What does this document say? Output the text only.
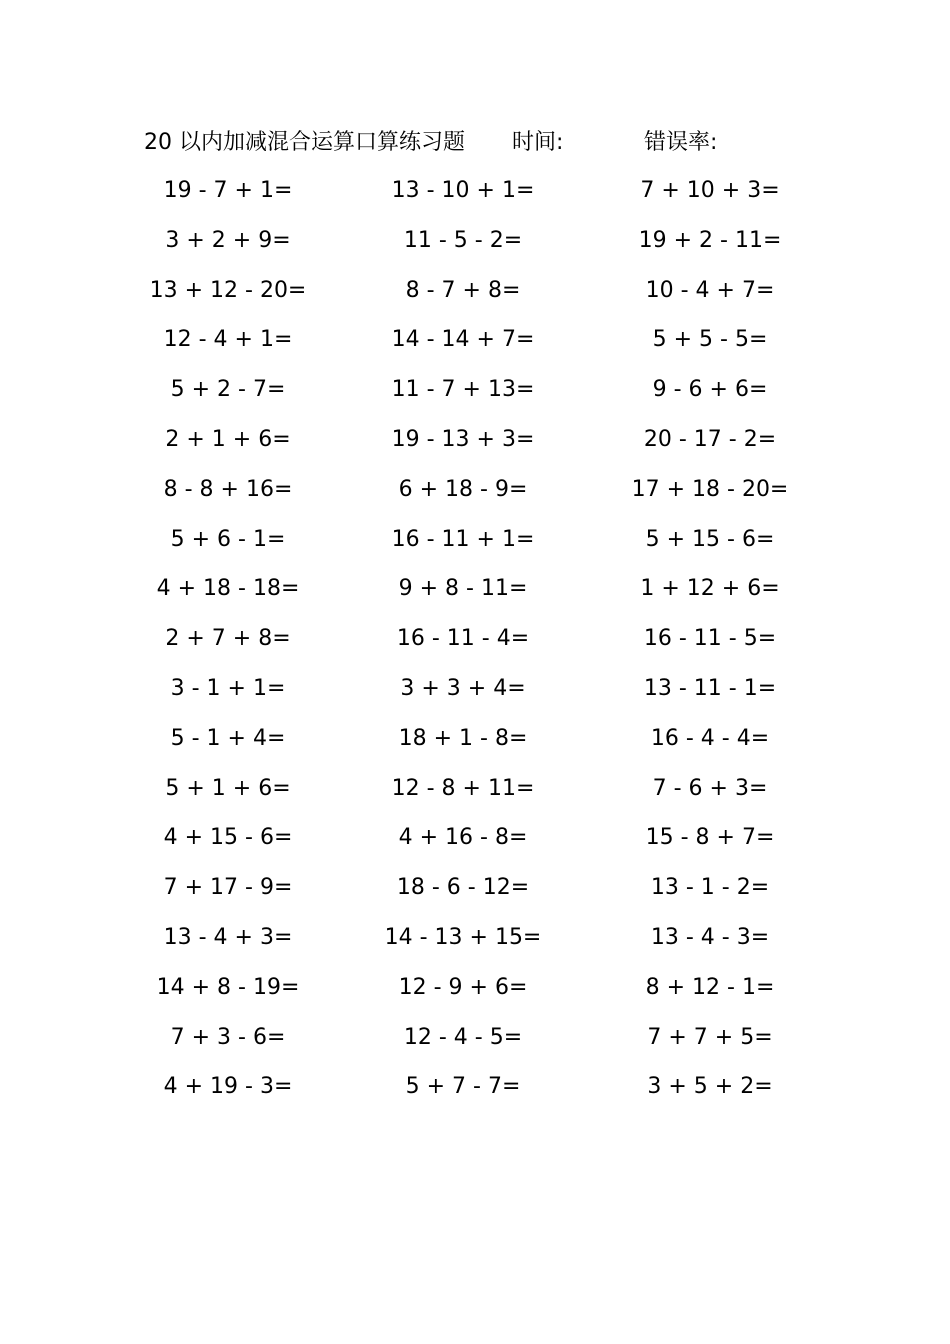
20 以内加减混合运算口算练习题 时间:	错误率:
19 - 7 + 1=	13 - 10 + 1=	7 + 10 + 3=
3 + 2 + 9=	11 - 5 - 2=	19 + 2 - 11=
13 + 12 - 20=	8 - 7 + 8=	10 - 4 + 7=
12 - 4 + 1=	14 - 14 + 7=	5 + 5 - 5=
5 + 2 - 7=	11 - 7 + 13=	9 - 6 + 6=
2 + 1 + 6=	19 - 13 + 3=	20 - 17 - 2=
8 - 8 + 16=	6 + 18 - 9=	17 + 18 - 20=
5 + 6 - 1=	16 - 11 + 1=	5 + 15 - 6=
4 + 18 - 18=	9 + 8 - 11=	1 + 12 + 6=
2 + 7 + 8=	16 - 11 - 4=	16 - 11 - 5=
3 - 1 + 1=	3 + 3 + 4=	13 - 11 - 1=
5 - 1 + 4=	18 + 1 - 8=	16 - 4 - 4=
5 + 1 + 6=	12 - 8 + 11=	7 - 6 + 3=
4 + 15 - 6=	4 + 16 - 8=	15 - 8 + 7=
7 + 17 - 9=	18 - 6 - 12=	13 - 1 - 2=
13 - 4 + 3=	14 - 13 + 15=	13 - 4 - 3=
14 + 8 - 19=	12 - 9 + 6=	8 + 12 - 1=
7 + 3 - 6=	12 - 4 - 5=	7 + 7 + 5=
4 + 19 - 3=	5 + 7 - 7=	3 + 5 + 2=
